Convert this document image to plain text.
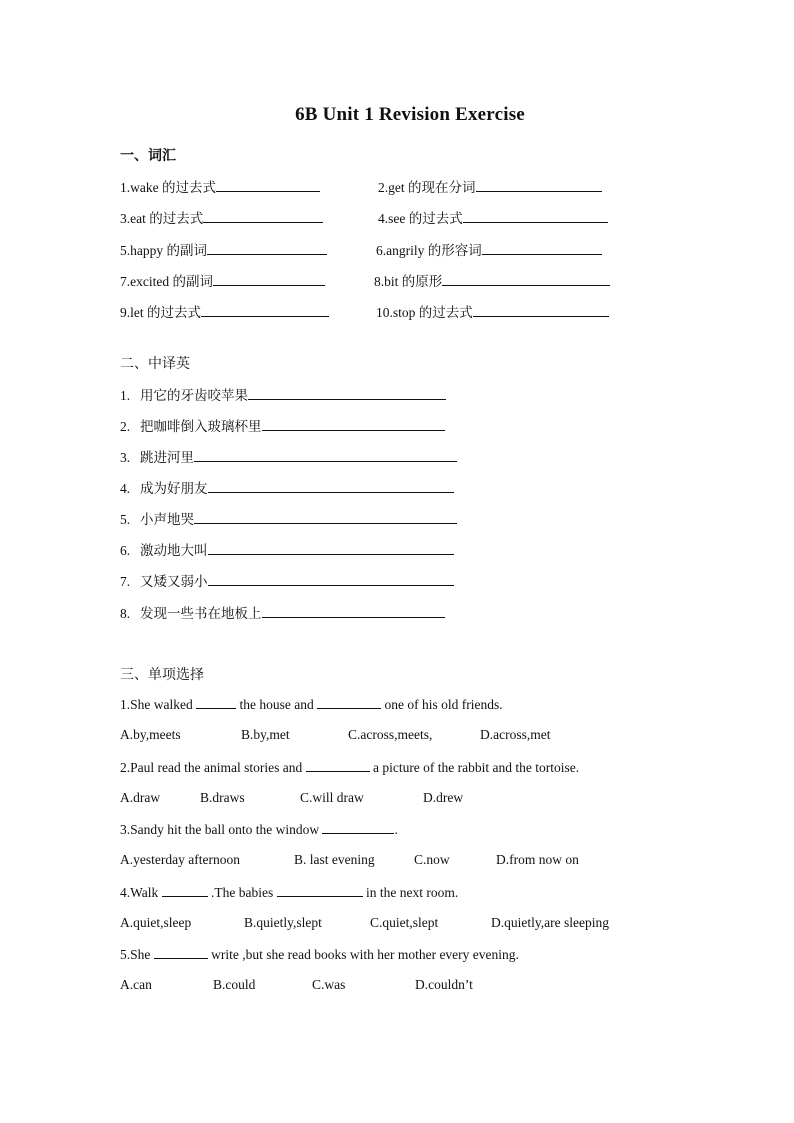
6B Unit 1 Revision Exercise
一、词汇
1.wake 的过去式	2.get 的现在分词
3.eat 的过去式	4.see 的过去式
5.happy 的副词	6.angrily 的形容词
7.excited 的副词	8.bit 的原形
9.let 的过去式	10.stop 的过去式
二、中译英
1. 用它的牙齿咬苹果
2. 把咖啡倒入玻璃杯里
3. 跳进河里
4. 成为好朋友
5. 小声地哭
6. 激动地大叫
7. 又矮又弱小
8. 发现一些书在地板上
三、单项选择
1.She walked	the house and	one of his old friends.
A.by,meets	B.by,met	C.across,meets,	D.across,met
2.Paul read the animal stories and	a picture of the rabbit and the tortoise.
A.draw	B.draws	C.will draw	D.drew
3.Sandy hit the ball onto the window	.
A.yesterday afternoon	B. last evening	C.now	D.from now on
4.Walk	.The babies	in the next room.
A.quiet,sleep	B.quietly,slept	C.quiet,slept	D.quietly,are sleeping
5.She	write ,but she read books with her mother every evening.
A.can	B.could	C.was	D.couldn’t
